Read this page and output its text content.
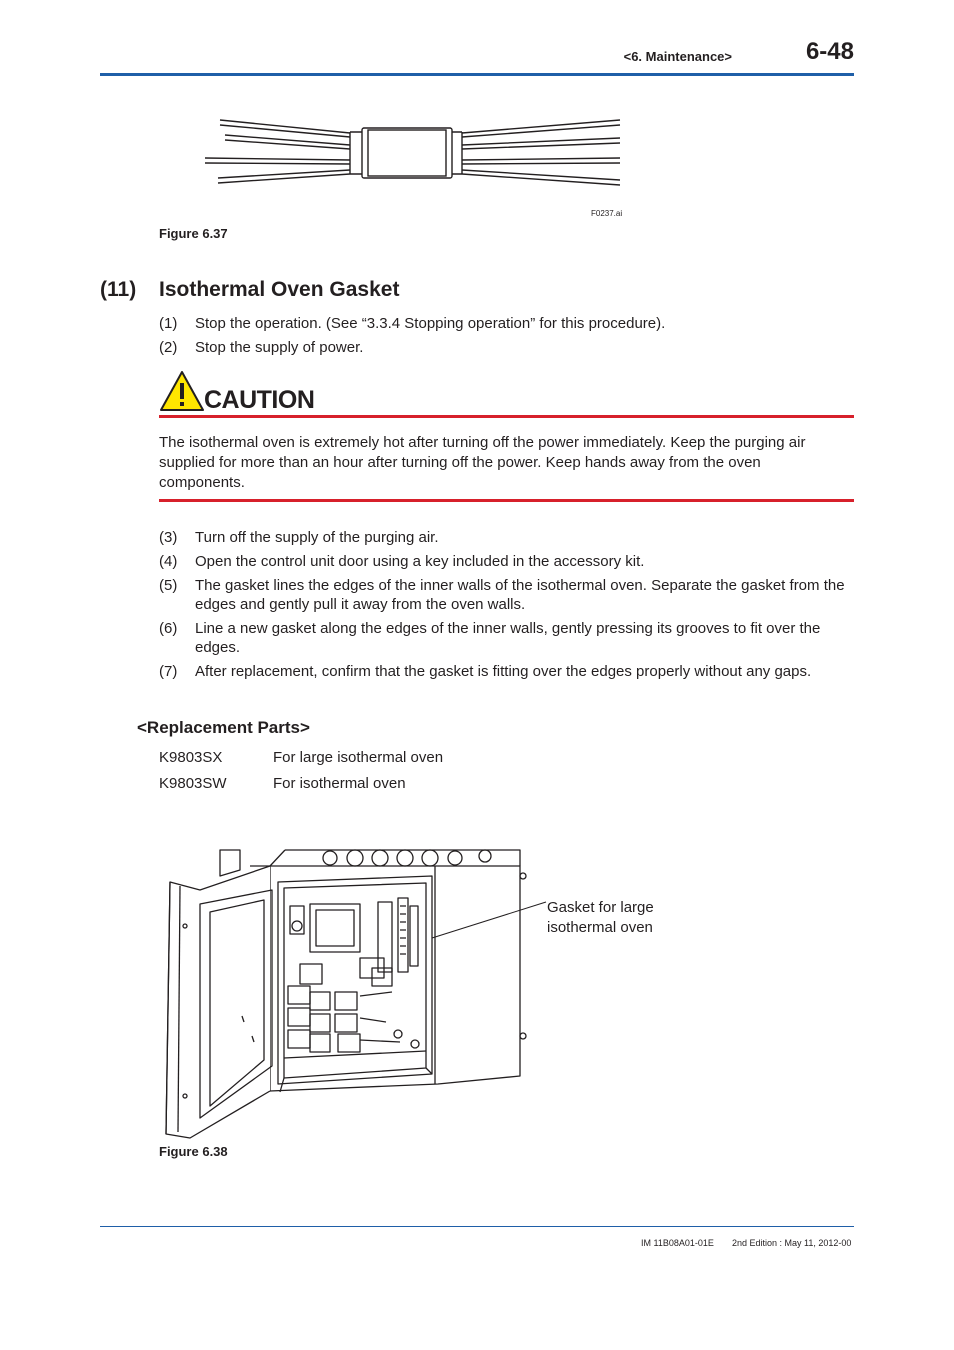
<6. Maintenance>	6-48
F0237.ai
Figure 6.37
(11) Isothermal Oven Gasket
(1)	Stop the operation. (See “3.3.4 Stopping operation” for this procedure).
(2)	Stop the supply of power.
CAUTION
The isothermal oven is extremely hot after turning off the power immediately. Keep the purging air supplied for more than an hour after turning off the power. Keep hands away from the oven components.
(3)	Turn off the supply of the purging air.
(4)	Open the control unit door using a key included in the accessory kit.
(5)	The gasket lines the edges of the inner walls of the isothermal oven. Separate the gasket from the edges and gently pull it away from the oven walls.
(6)	Line a new gasket along the edges of the inner walls, gently pressing its grooves to fit over the edges.
(7)	After replacement, confirm that the gasket is fitting over the edges properly without any gaps.
<Replacement Parts>
K9803SX	For large isothermal oven
K9803SW	For isothermal oven
Gasket for large
isothermal oven
Figure 6.38
IM 11B08A01-01E 2nd Edition : May 11, 2012-00
